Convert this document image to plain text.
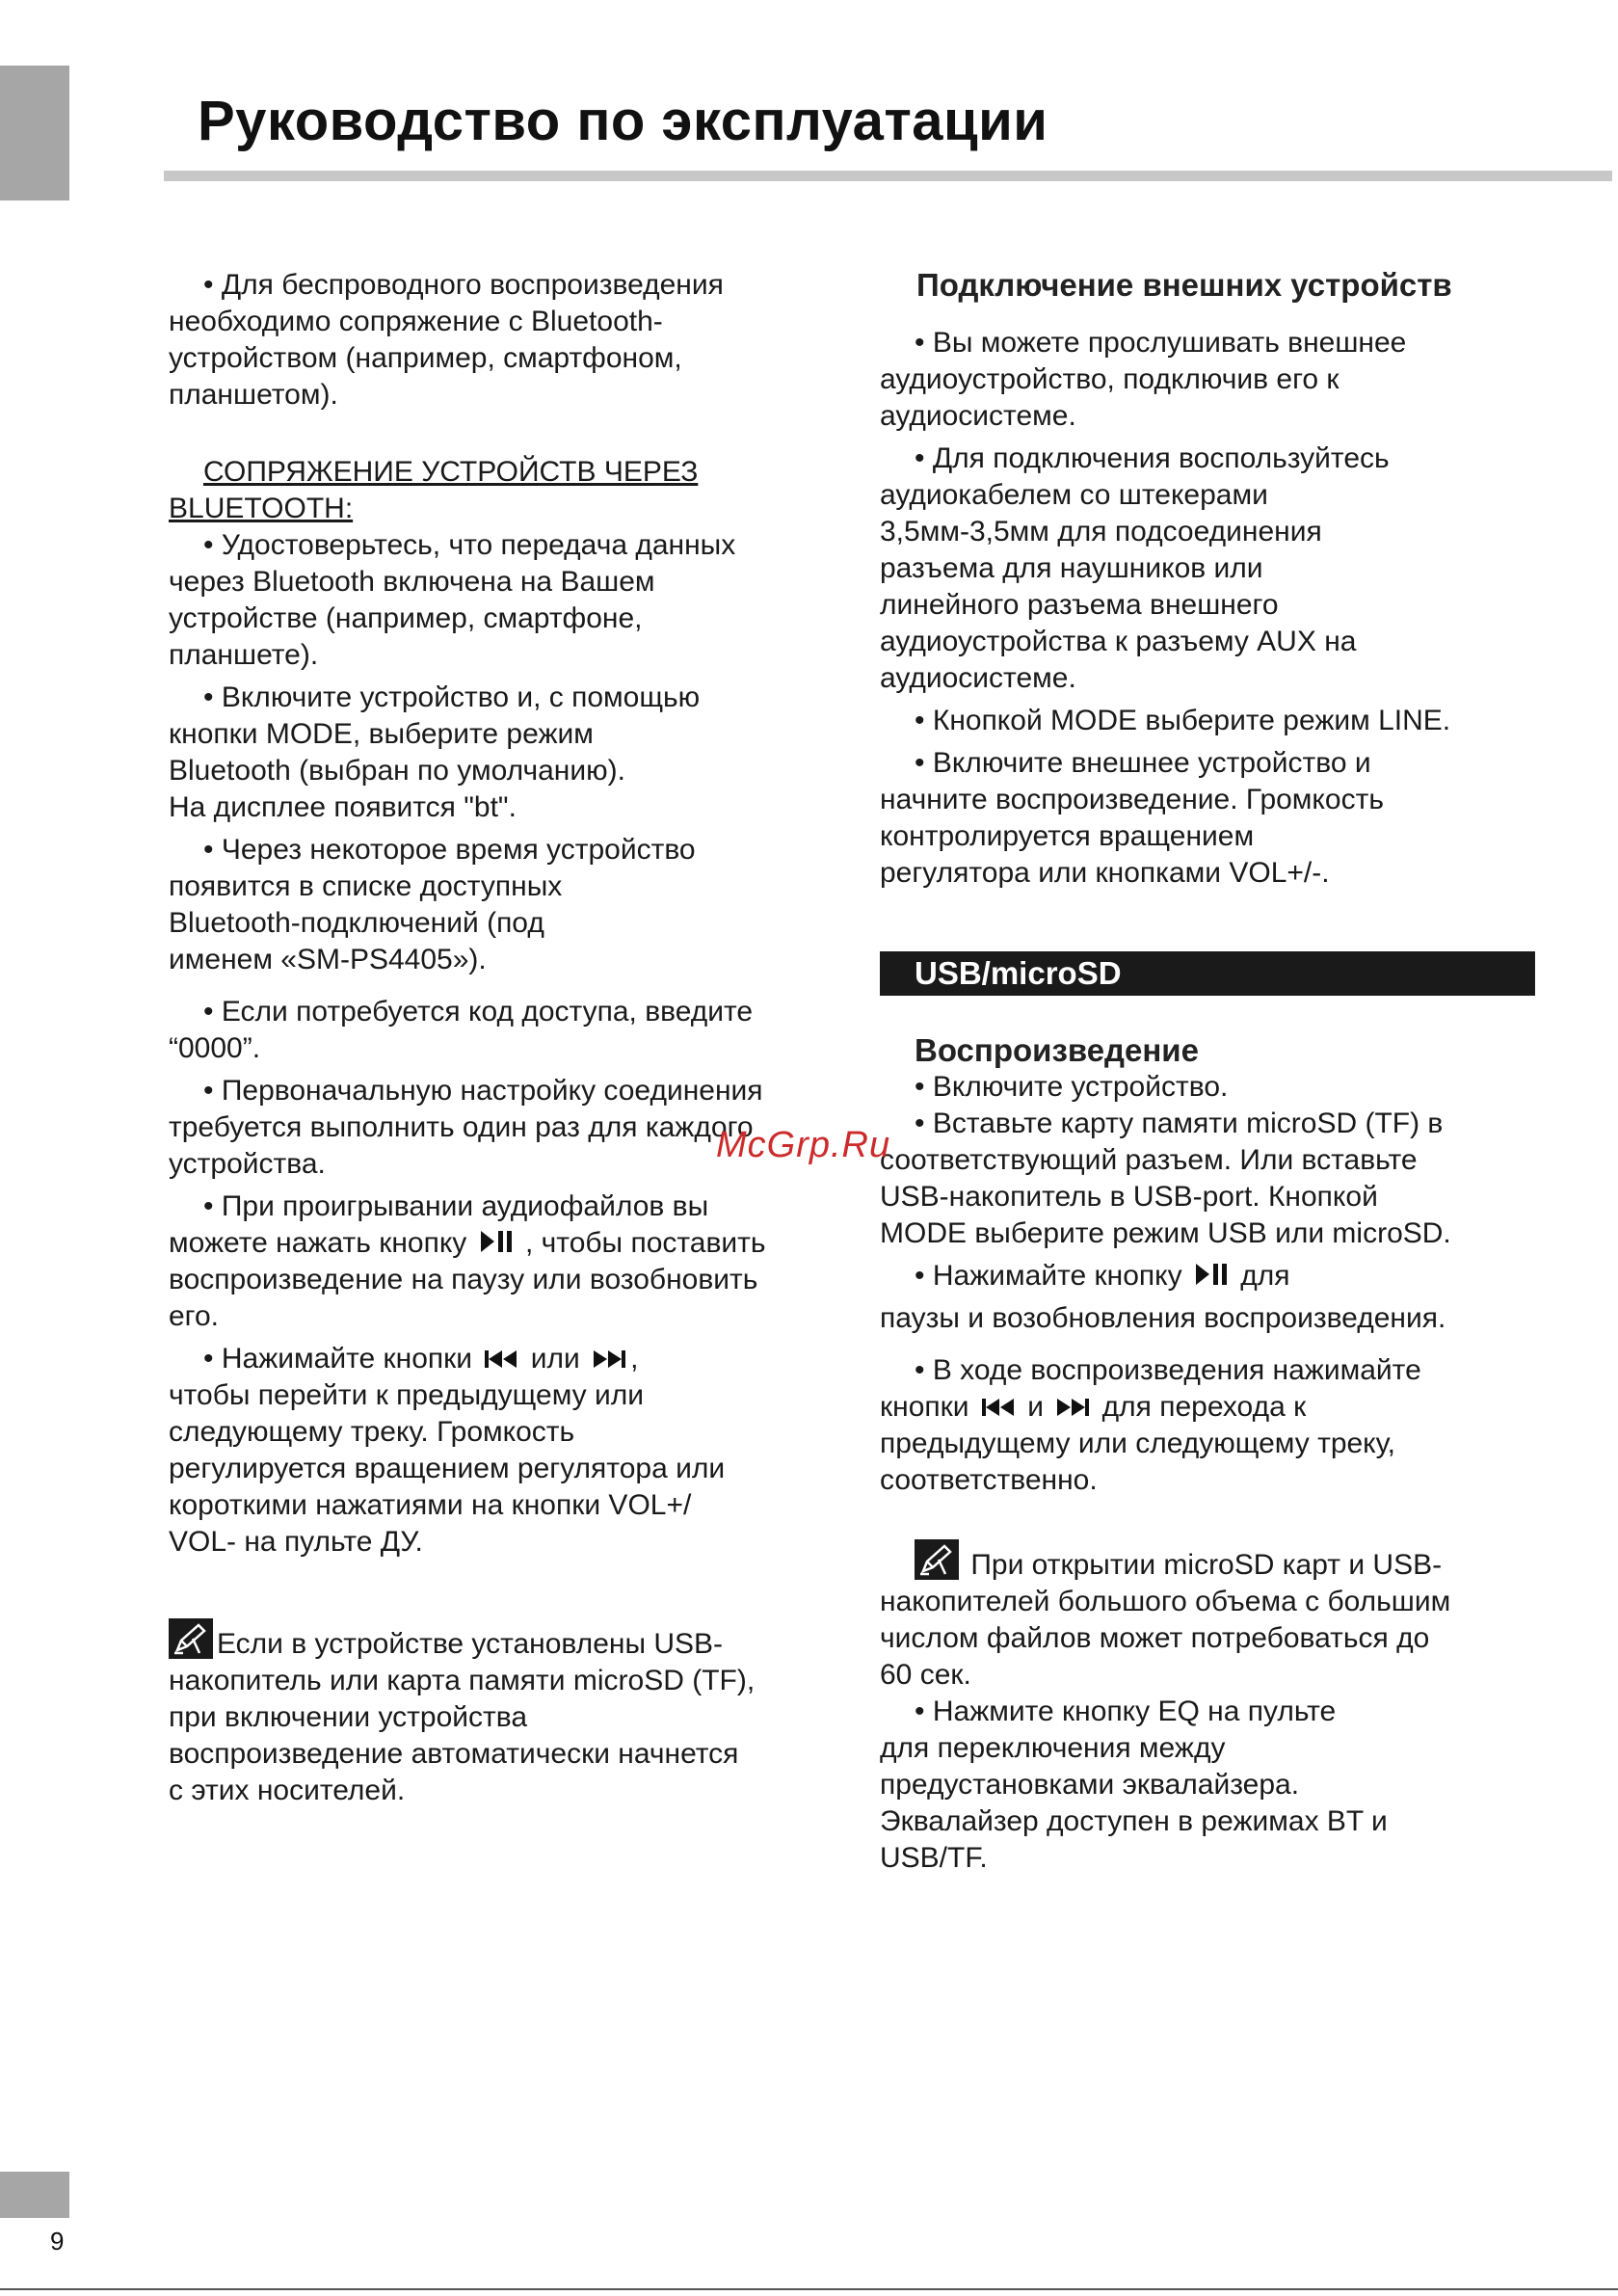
Руководство по эксплуатации

• Для беспроводного воспроизведения

необходимо сопряжение с Bluetooth-

устройством (например, смартфоном,

планшетом).

СОПРЯЖЕНИЕ УСТРОЙСТВ ЧЕРЕЗ

BLUETOOTH:

• Удостоверьтесь, что передача данных

через Bluetooth включена на Вашем

устройстве (например, смартфоне,

планшете).

• Включите устройство и, с помощью

кнопки MODE, выберите режим

Bluetooth (выбран по умолчанию).

На дисплее появится "bt".

• Через некоторое время устройство

появится в списке доступных

Bluetooth-подключений (под

именем «SM-PS4405»).

• Если потребуется код доступа, введите

“0000”.

• Первоначальную настройку соединения

требуется выполнить один раз для каждого

устройства.

• При проигрывании аудиофайлов вы

можете нажать кнопку , чтобы поставить

воспроизведение на паузу или возобновить

его.

• Нажимайте кнопки или ,

чтобы перейти к предыдущему или

следующему треку. Громкость

регулируется вращением регулятора или

короткими нажатиями на кнопки VOL+/

VOL- на пульте ДУ.

Если в устройстве установлены USB-

накопитель или карта памяти microSD (TF),

при включении устройства

воспроизведение автоматически начнется

с этих носителей.

Подключение внешних устройств

• Вы можете прослушивать внешнее

аудиоустройство, подключив его к

аудиосистеме.

• Для подключения воспользуйтесь

аудиокабелем со штекерами

3,5мм-3,5мм для подсоединения

разъема для наушников или

линейного разъема внешнего

аудиоустройства к разъему AUX на

аудиосистеме.

• Кнопкой MODE выберите режим LINE.

• Включите внешнее устройство и

начните воспроизведение. Громкость

контролируется вращением

регулятора или кнопками VOL+/-.

USB/microSD

Воспроизведение

• Включите устройство.

• Вставьте карту памяти microSD (TF) в

соответствующий разъем. Или вставьте

USB-накопитель в USB-port. Кнопкой

MODE выберите режим USB или microSD.

• Нажимайте кнопку для

паузы и возобновления воспроизведения.

• В ходе воспроизведения нажимайте

кнопки и для перехода к

предыдущему или следующему треку,

соответственно.

При открытии microSD карт и USB-

накопителей большого объема с большим

числом файлов может потребоваться до

60 сек.

• Нажмите кнопку EQ на пульте

для переключения между

предустановками эквалайзера.

Эквалайзер доступен в режимах BT и

USB/TF.

McGrp.Ru
9
